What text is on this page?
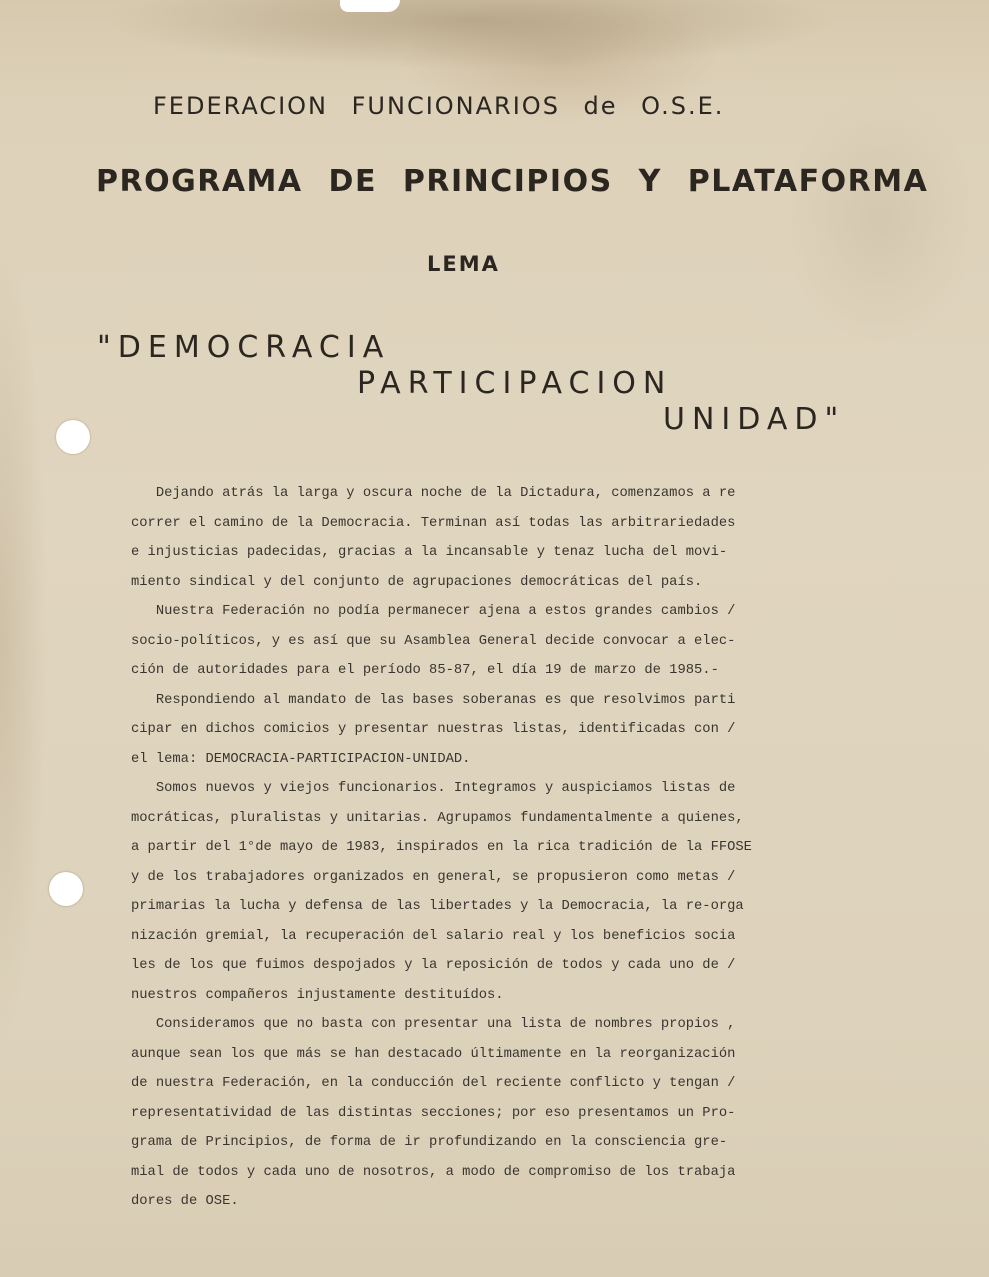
FEDERACION FUNCIONARIOS de O.S.E.
PROGRAMA DE PRINCIPIOS Y PLATAFORMA
LEMA
"DEMOCRACIA
PARTICIPACION
UNIDAD"
Dejando atrás la larga y oscura noche de la Dictadura, comenzamos a re
correr el camino de la Democracia. Terminan así todas las arbitrariedades
e injusticias padecidas, gracias a la incansable y tenaz lucha del movi-
miento sindical y del conjunto de agrupaciones democráticas del país.
Nuestra Federación no podía permanecer ajena a estos grandes cambios /
socio-políticos, y es así que su Asamblea General decide convocar a elec-
ción de autoridades para el período 85-87, el día 19 de marzo de 1985.-
Respondiendo al mandato de las bases soberanas es que resolvimos parti
cipar en dichos comicios y presentar nuestras listas, identificadas con /
el lema: DEMOCRACIA-PARTICIPACION-UNIDAD.
Somos nuevos y viejos funcionarios. Integramos y auspiciamos listas de
mocráticas, pluralistas y unitarias. Agrupamos fundamentalmente a quienes,
a partir del 1°de mayo de 1983, inspirados en la rica tradición de la FFOSE
y de los trabajadores organizados en general, se propusieron como metas /
primarias la lucha y defensa de las libertades y la Democracia, la re-orga
nización gremial, la recuperación del salario real y los beneficios socia
les de los que fuimos despojados y la reposición de todos y cada uno de /
nuestros compañeros injustamente destituídos.
Consideramos que no basta con presentar una lista de nombres propios ,
aunque sean los que más se han destacado últimamente en la reorganización
de nuestra Federación, en la conducción del reciente conflicto y tengan /
representatividad de las distintas secciones; por eso presentamos un Pro-
grama de Principios, de forma de ir profundizando en la consciencia gre-
mial de todos y cada uno de nosotros, a modo de compromiso de los trabaja
dores de OSE.
